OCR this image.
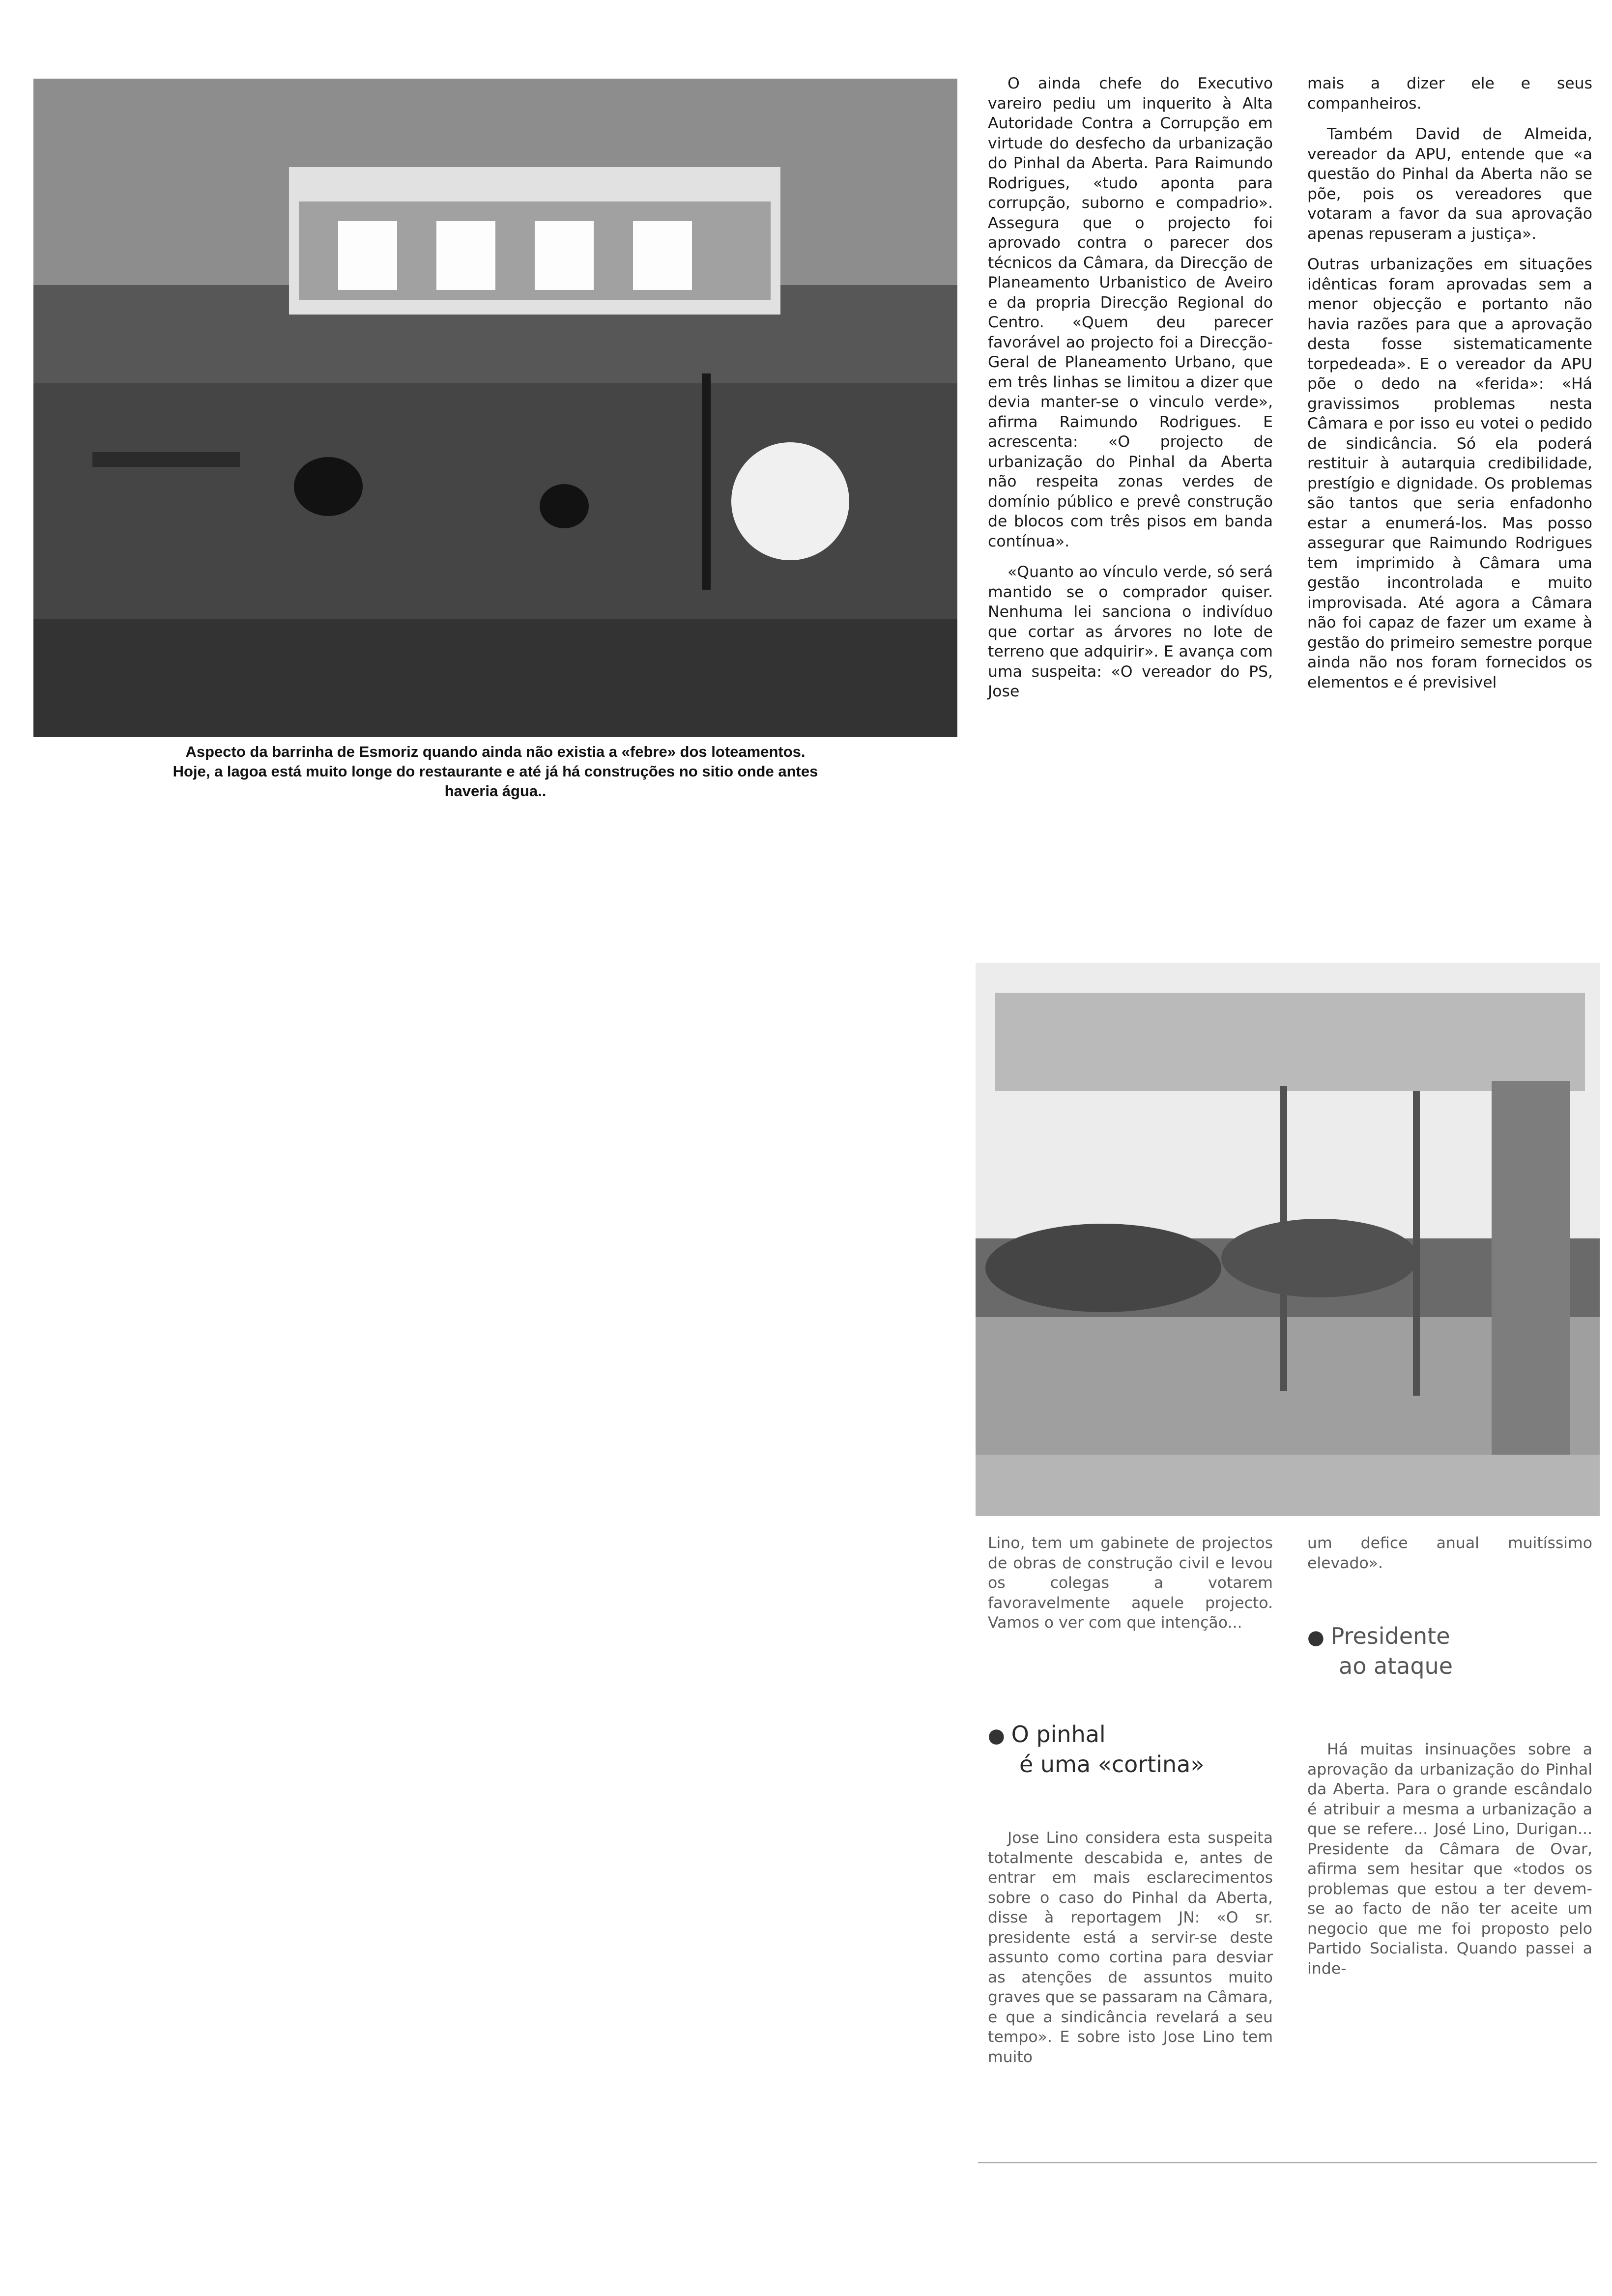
Aspecto da barrinha de Esmoriz quando ainda não existia a «febre» dos loteamentos.
Hoje, a lagoa está muito longe do restaurante e até já há construções no sitio onde antes
haveria água..

O ainda chefe do Executivo vareiro pediu um inquerito à Alta Autoridade Contra a Corrupção em virtude do desfecho da urbanização do Pinhal da Aberta. Para Raimundo Rodrigues, «tudo aponta para corrupção, suborno e compadrio». Assegura que o projecto foi aprovado contra o parecer dos técnicos da Câmara, da Direcção de Planeamento Urbanistico de Aveiro e da propria Direcção Regional do Centro. «Quem deu parecer favorável ao projecto foi a Direcção-Geral de Planeamento Urbano, que em três linhas se limitou a dizer que devia manter-se o vinculo verde», afirma Raimundo Rodrigues. E acrescenta: «O projecto de urbanização do Pinhal da Aberta não respeita zonas verdes de domínio público e prevê construção de blocos com três pisos em banda contínua».

«Quanto ao vínculo verde, só será mantido se o comprador quiser. Nenhuma lei sanciona o indivíduo que cortar as árvores no lote de terreno que adquirir». E avança com uma suspeita: «O vereador do PS, Jose

mais a dizer ele e seus companheiros.

Também David de Almeida, vereador da APU, entende que «a questão do Pinhal da Aberta não se põe, pois os vereadores que votaram a favor da sua aprovação apenas repuseram a justiça».

Outras urbanizações em situações idênticas foram aprovadas sem a menor objecção e portanto não havia razões para que a aprovação desta fosse sistematicamente torpedeada». E o vereador da APU põe o dedo na «ferida»: «Há gravissimos problemas nesta Câmara e por isso eu votei o pedido de sindicância. Só ela poderá restituir à autarquia credibilidade, prestígio e dignidade. Os problemas são tantos que seria enfadonho estar a enumerá-los. Mas posso assegurar que Raimundo Rodrigues tem imprimido à Câmara uma gestão incontrolada e muito improvisada. Até agora a Câmara não foi capaz de fazer um exame à gestão do primeiro semestre porque ainda não nos foram fornecidos os elementos e é previsivel

Lino, tem um gabinete de projectos de obras de construção civil e levou os colegas a votarem favoravelmente aquele projecto. Vamos o ver com que intenção...

● O pinhal
é uma «cortina»

Jose Lino considera esta suspeita totalmente descabida e, antes de entrar em mais esclarecimentos sobre o caso do Pinhal da Aberta, disse à reportagem JN: «O sr. presidente está a servir-se deste assunto como cortina para desviar as atenções de assuntos muito graves que se passaram na Câmara, e que a sindicância revelará a seu tempo». E sobre isto Jose Lino tem muito

um defice anual muitíssimo elevado».

● Presidente
ao ataque

Há muitas insinuações sobre a aprovação da urbanização do Pinhal da Aberta. Para o grande escândalo é atribuir a mesma a urbanização a que se refere... José Lino, Durigan... Presidente da Câmara de Ovar, afirma sem hesitar que «todos os problemas que estou a ter devem-se ao facto de não ter aceite um negocio que me foi proposto pelo Partido Socialista. Quando passei a inde-
